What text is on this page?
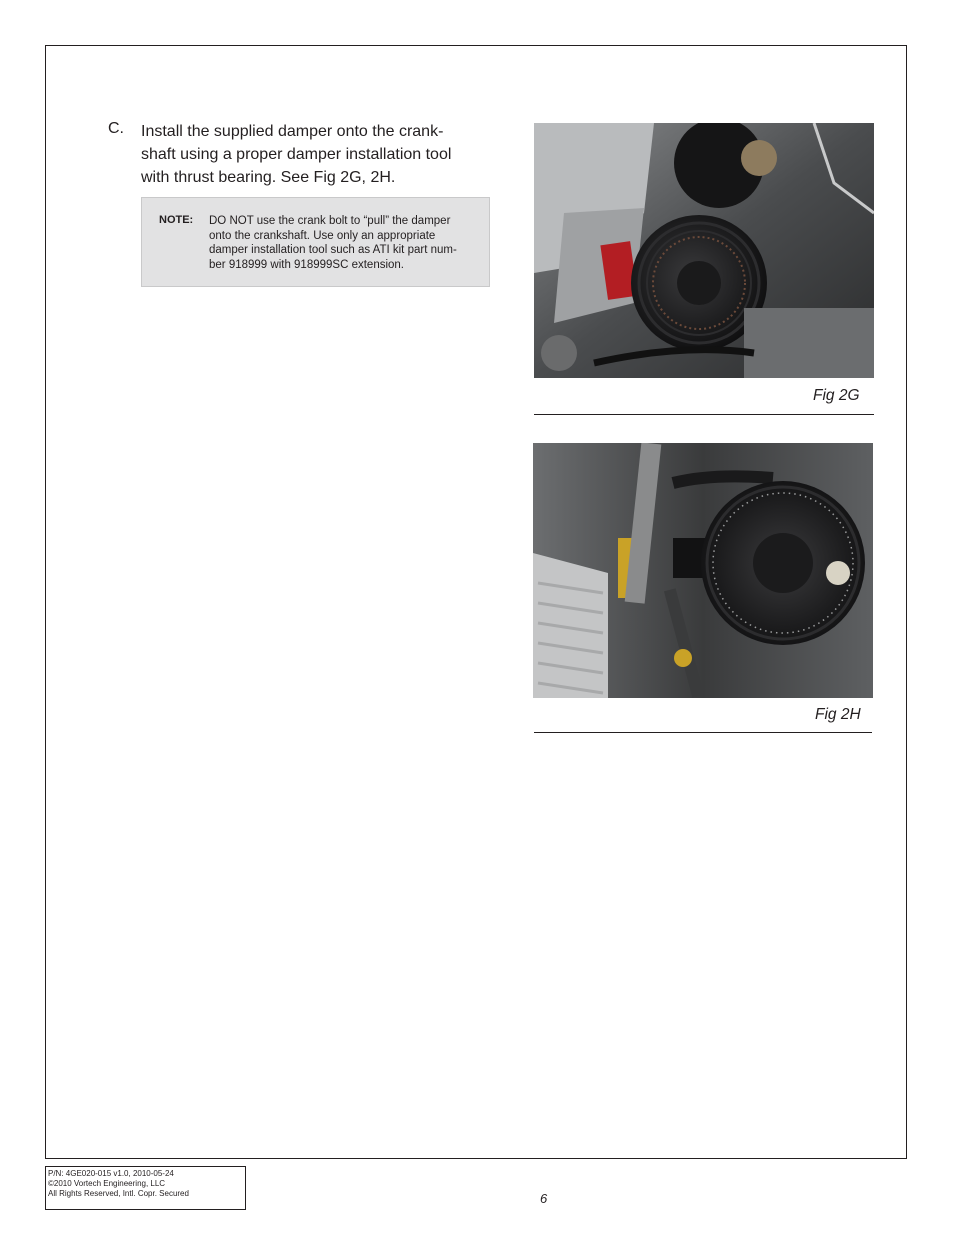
C. Install the supplied damper onto the crank-
shaft using a proper damper installation tool
with thrust bearing. See Fig 2G, 2H.
NOTE: DO NOT use the crank bolt to “pull” the damper
onto the crankshaft. Use only an appropriate
damper installation tool such as ATI kit part num-
ber 918999 with 918999SC extension.
Fig 2G
Fig 2H
P/N: 4GE020-015 v1.0, 2010-05-24
©2010 Vortech Engineering, LLC
All Rights Reserved, Intl. Copr. Secured	6
